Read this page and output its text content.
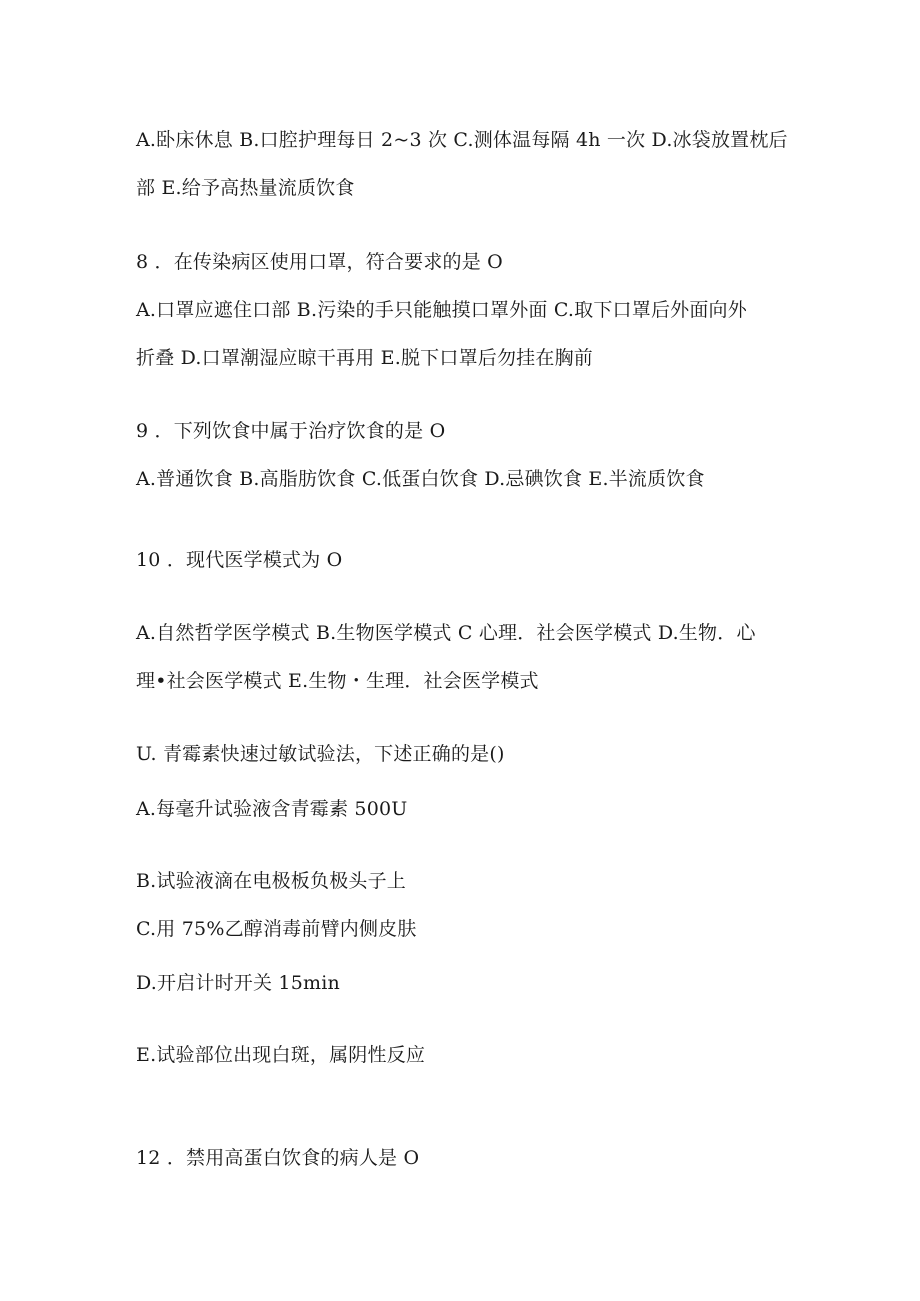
A.卧床休息 B.口腔护理每日 2~3 次 C.测体温每隔 4h 一次 D.冰袋放置枕后
部 E.给予高热量流质饮食
8 ．在传染病区使用口罩，符合要求的是 O
A.口罩应遮住口部 B.污染的手只能触摸口罩外面 C.取下口罩后外面向外
折叠 D.口罩潮湿应晾干再用 E.脱下口罩后勿挂在胸前
9 ．下列饮食中属于治疗饮食的是 O
A.普通饮食 B.高脂肪饮食 C.低蛋白饮食 D.忌碘饮食 E.半流质饮食
10 ．现代医学模式为 O
A.自然哲学医学模式 B.生物医学模式 C 心理．社会医学模式 D.生物．心
理•社会医学模式 E.生物・生理．社会医学模式
U. 青霉素快速过敏试验法，下述正确的是()
A.每毫升试验液含青霉素 500U
B.试验液滴在电极板负极头子上
C.用 75%乙醇消毒前臂内侧皮肤
D.开启计时开关 15min
E.试验部位出现白斑，属阴性反应
12 ．禁用高蛋白饮食的病人是 O
